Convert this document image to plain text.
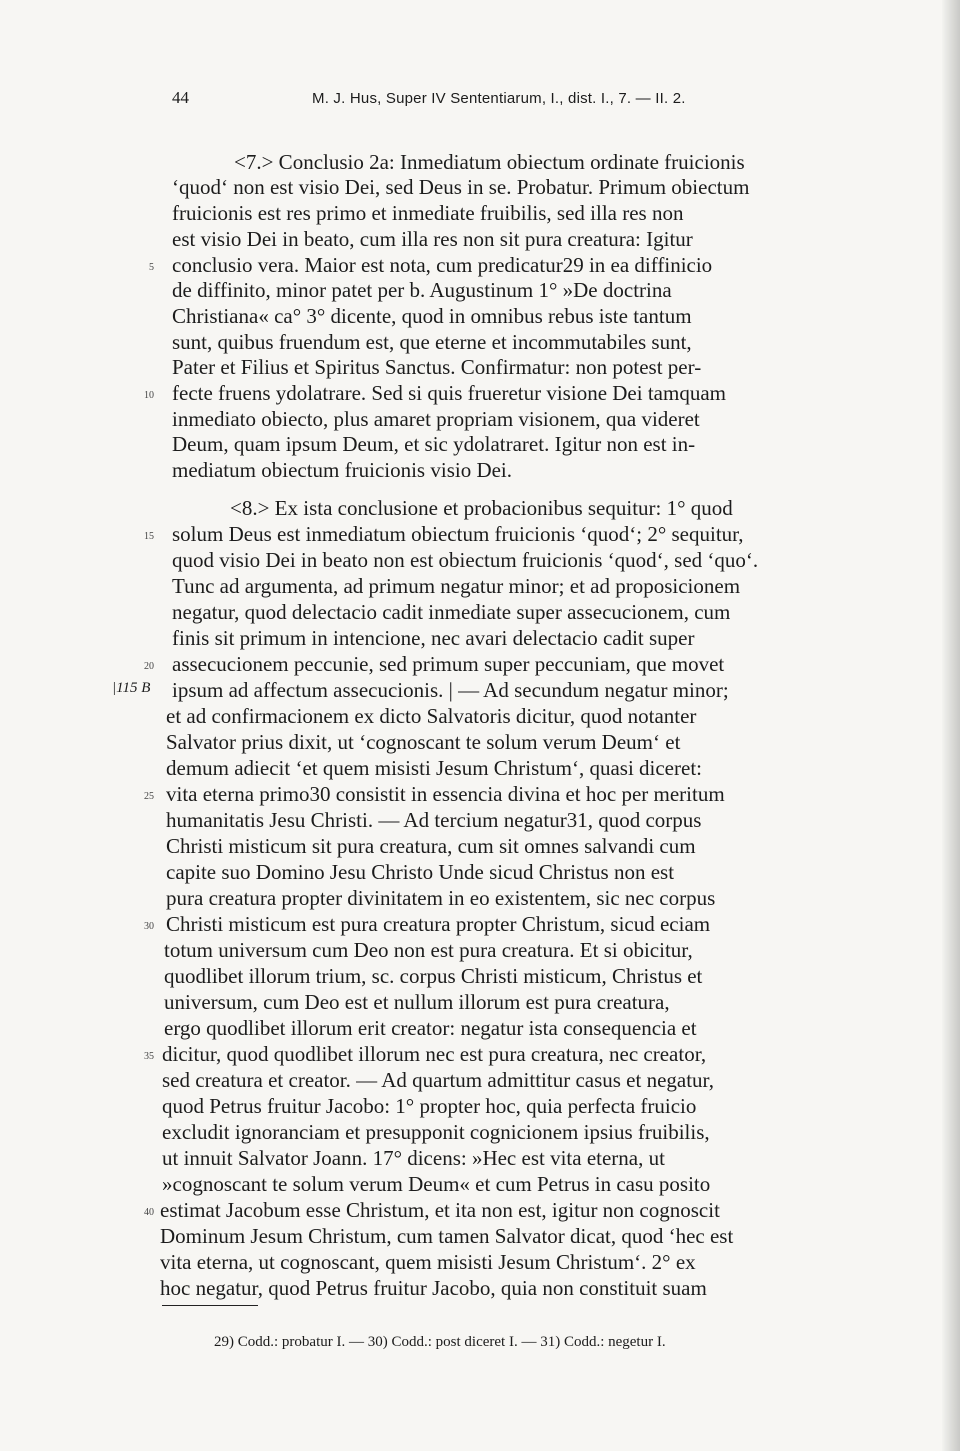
44	M. J. Hus, Super IV Sententiarum, I., dist. I., 7. — II. 2.
<7.> Conclusio 2a: Inmediatum obiectum ordinate fruicionis
‘quod‘ non est visio Dei, sed Deus in se. Probatur. Primum obiectum
fruicionis est res primo et inmediate fruibilis, sed illa res non
est visio Dei in beato, cum illa res non sit pura creatura: Igitur
conclusio vera. Maior est nota, cum predicatur29 in ea diffinicio
de diffinito, minor patet per b. Augustinum 1° »De doctrina
Christiana« ca° 3° dicente, quod in omnibus rebus iste tantum
sunt, quibus fruendum est, que eterne et incommutabiles sunt,
Pater et Filius et Spiritus Sanctus. Confirmatur: non potest per-
fecte fruens ydolatrare. Sed si quis frueretur visione Dei tamquam
inmediato obiecto, plus amaret propriam visionem, qua videret
Deum, quam ipsum Deum, et sic ydolatraret. Igitur non est in-
mediatum obiectum fruicionis visio Dei.
<8.> Ex ista conclusione et probacionibus sequitur: 1° quod
solum Deus est inmediatum obiectum fruicionis ‘quod‘; 2° sequitur,
quod visio Dei in beato non est obiectum fruicionis ‘quod‘, sed ‘quo‘.
Tunc ad argumenta, ad primum negatur minor; et ad proposicionem
negatur, quod delectacio cadit inmediate super assecucionem, cum
finis sit primum in intencione, nec avari delectacio cadit super
assecucionem peccunie, sed primum super peccuniam, que movet
ipsum ad affectum assecucionis. | — Ad secundum negatur minor;
et ad confirmacionem ex dicto Salvatoris dicitur, quod notanter
Salvator prius dixit, ut ‘cognoscant te solum verum Deum‘ et
demum adiecit ‘et quem misisti Jesum Christum‘, quasi diceret:
vita eterna primo30 consistit in essencia divina et hoc per meritum
humanitatis Jesu Christi. — Ad tercium negatur31, quod corpus
Christi misticum sit pura creatura, cum sit omnes salvandi cum
capite suo Domino Jesu Christo Unde sicud Christus non est
pura creatura propter divinitatem in eo existentem, sic nec corpus
Christi misticum est pura creatura propter Christum, sicud eciam
totum universum cum Deo non est pura creatura. Et si obicitur,
quodlibet illorum trium, sc. corpus Christi misticum, Christus et
universum, cum Deo est et nullum illorum est pura creatura,
ergo quodlibet illorum erit creator: negatur ista consequencia et
dicitur, quod quodlibet illorum nec est pura creatura, nec creator,
sed creatura et creator. — Ad quartum admittitur casus et negatur,
quod Petrus fruitur Jacobo: 1° propter hoc, quia perfecta fruicio
excludit ignoranciam et presupponit cognicionem ipsius fruibilis,
ut innuit Salvator Joann. 17° dicens: »Hec est vita eterna, ut
»cognoscant te solum verum Deum« et cum Petrus in casu posito
estimat Jacobum esse Christum, et ita non est, igitur non cognoscit
Dominum Jesum Christum, cum tamen Salvator dicat, quod ‘hec est
vita eterna, ut cognoscant, quem misisti Jesum Christum‘. 2° ex
hoc negatur, quod Petrus fruitur Jacobo, quia non constituit suam
5
10
15
20
25
30
35
40
|115 B
29) Codd.: probatur I. — 30) Codd.: post diceret I. — 31) Codd.: negetur I.
